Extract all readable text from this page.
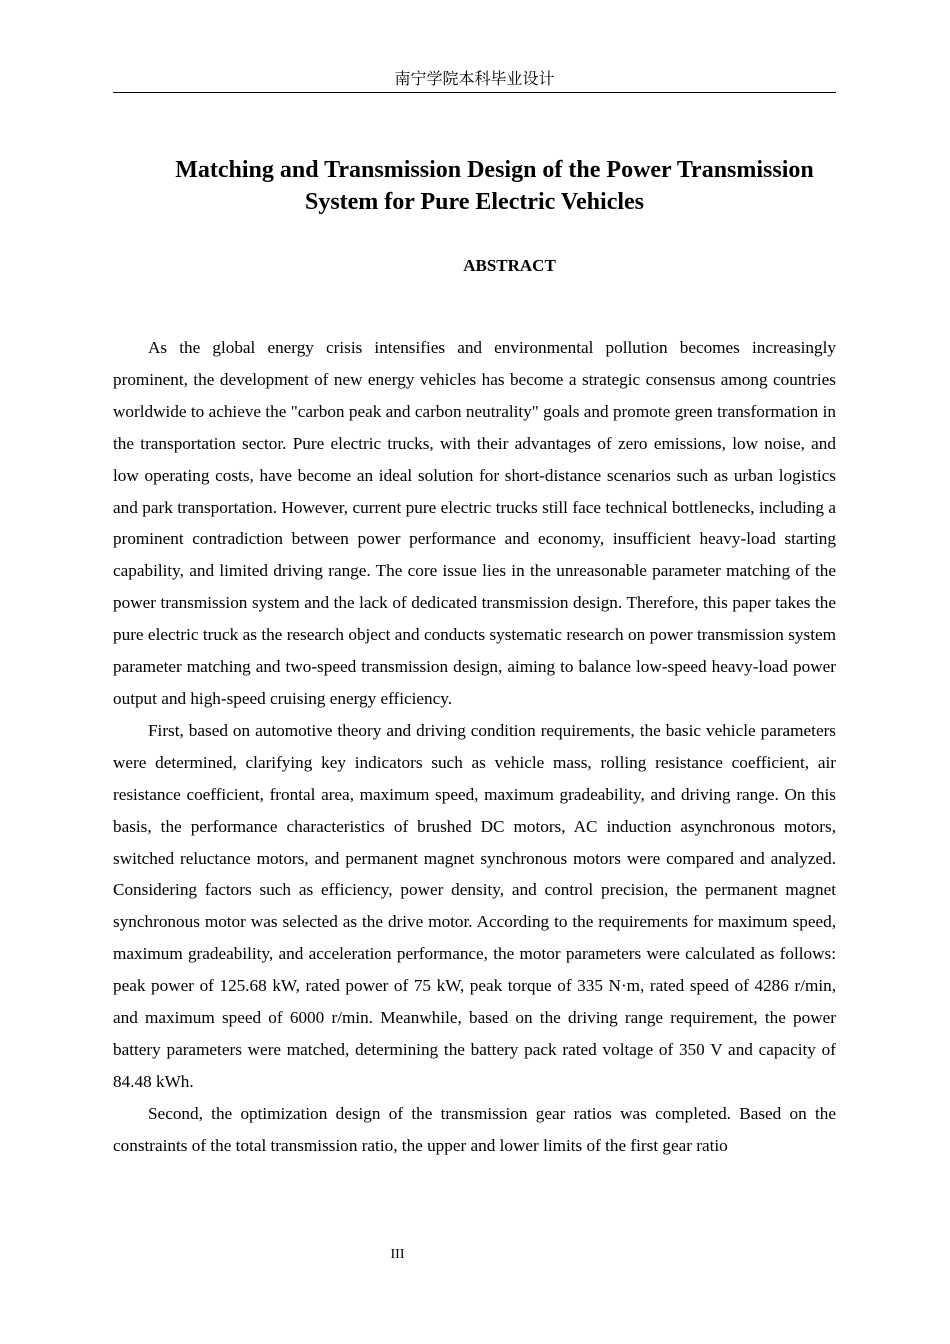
南宁学院本科毕业设计
Matching and Transmission Design of the Power Transmission
System for Pure Electric Vehicles
ABSTRACT

As the global energy crisis intensifies and environmental pollution becomes increasingly prominent, the development of new energy vehicles has become a strategic consensus among countries worldwide to achieve the "carbon peak and carbon neutrality" goals and promote green transformation in the transportation sector. Pure electric trucks, with their advantages of zero emissions, low noise, and low operating costs, have become an ideal solution for short-distance scenarios such as urban logistics and park transportation. However, current pure electric trucks still face technical bottlenecks, including a prominent contradiction between power performance and economy, insufficient heavy-load starting capability, and limited driving range. The core issue lies in the unreasonable parameter matching of the power transmission system and the lack of dedicated transmission design. Therefore, this paper takes the pure electric truck as the research object and conducts systematic research on power transmission system parameter matching and two-speed transmission design, aiming to balance low-speed heavy-load power output and high-speed cruising energy efficiency.

First, based on automotive theory and driving condition requirements, the basic vehicle parameters were determined, clarifying key indicators such as vehicle mass, rolling resistance coefficient, air resistance coefficient, frontal area, maximum speed, maximum gradeability, and driving range. On this basis, the performance characteristics of brushed DC motors, AC induction asynchronous motors, switched reluctance motors, and permanent magnet synchronous motors were compared and analyzed. Considering factors such as efficiency, power density, and control precision, the permanent magnet synchronous motor was selected as the drive motor. According to the requirements for maximum speed, maximum gradeability, and acceleration performance, the motor parameters were calculated as follows: peak power of 125.68 kW, rated power of 75 kW, peak torque of 335 N·m, rated speed of 4286 r/min, and maximum speed of 6000 r/min. Meanwhile, based on the driving range requirement, the power battery parameters were matched, determining the battery pack rated voltage of 350 V and capacity of 84.48 kWh.

Second, the optimization design of the transmission gear ratios was completed. Based on the constraints of the total transmission ratio, the upper and lower limits of the first gear ratio

III
